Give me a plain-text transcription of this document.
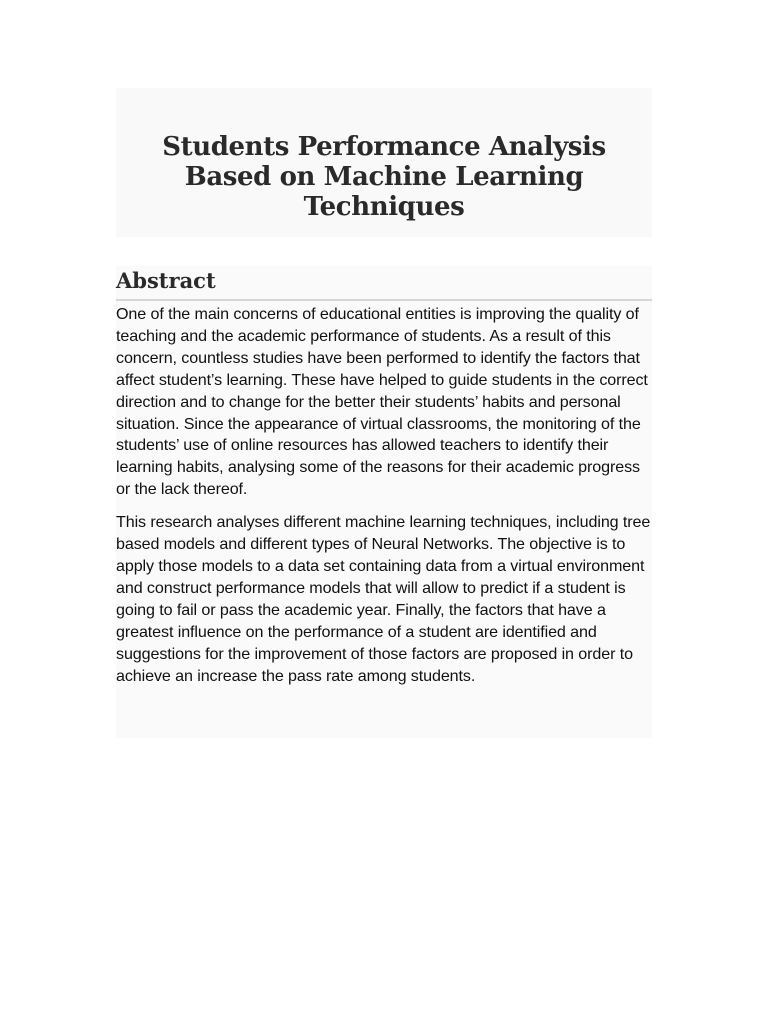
Students Performance Analysis Based on Machine Learning Techniques
Abstract

One of the main concerns of educational entities is improving the quality of teaching and the academic performance of students. As a result of this concern, countless studies have been performed to identify the factors that affect student’s learning. These have helped to guide students in the correct direction and to change for the better their students’ habits and personal situation. Since the appearance of virtual classrooms, the monitoring of the students’ use of online resources has allowed teachers to identify their learning habits, analysing some of the reasons for their academic progress or the lack thereof.

This research analyses different machine learning techniques, including tree based models and different types of Neural Networks. The objective is to apply those models to a data set containing data from a virtual environment and construct performance models that will allow to predict if a student is going to fail or pass the academic year. Finally, the factors that have a greatest influence on the performance of a student are identified and suggestions for the improvement of those factors are proposed in order to achieve an increase the pass rate among students.
